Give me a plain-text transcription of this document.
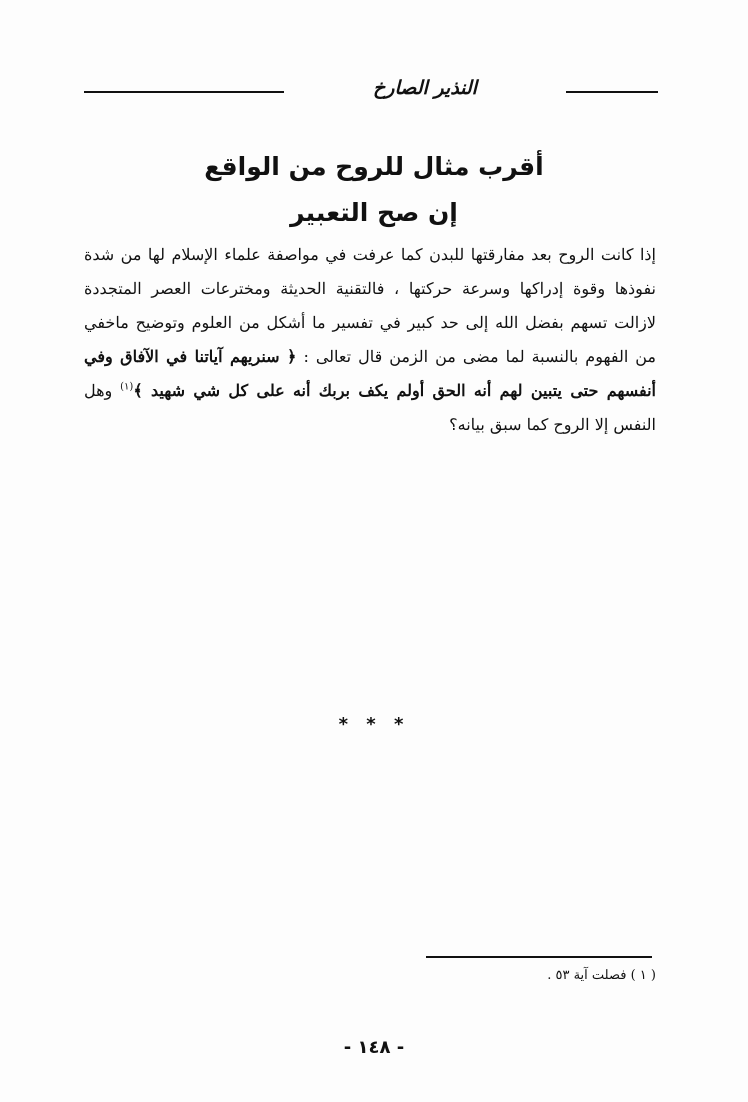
النذير الصارخ
أقرب مثال للروح من الواقع
إن صح التعبير
إذا كانت الروح بعد مفارقتها للبدن كما عرفت في مواصفة علماء الإسلام لها من شدة نفوذها وقوة إدراكها وسرعة حركتها ، فالتقنية الحديثة ومخترعات العصر المتجددة لازالت تسهم بفضل الله إلى حد كبير في تفسير ما أشكل من العلوم وتوضيح ماخفي من الفهوم بالنسبة لما مضى من الزمن قال تعالى : ﴿ سنريهم آياتنا في الآفاق وفي أنفسهم حتى يتبين لهم أنه الحق أولم يكف بربك أنه على كل شي شهيد ﴾$^{(١)}$ وهل النفس إلا الروح كما سبق بيانه؟
* * *
( ١ ) فصلت آية ٥٣ .
- ١٤٨ -
